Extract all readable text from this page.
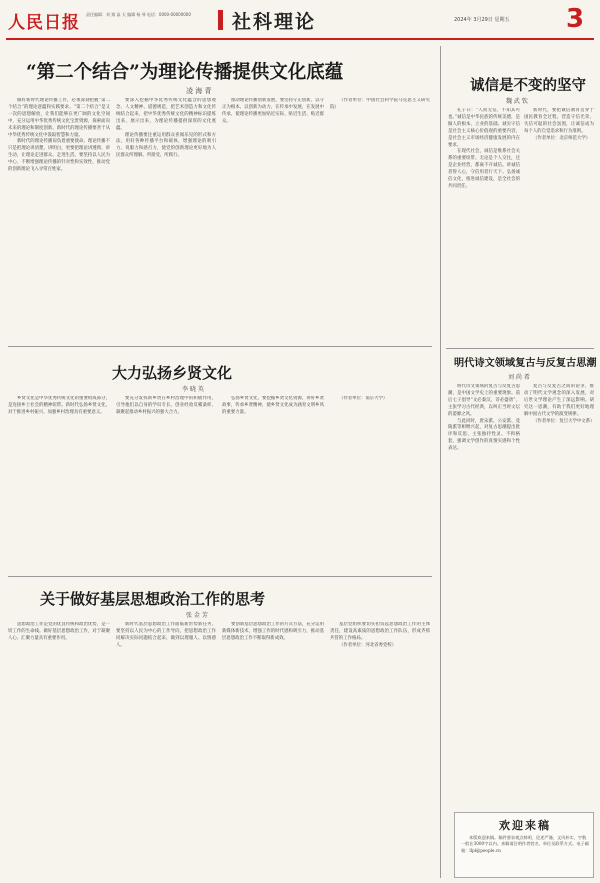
人民日报 责任编辑：刘 翔 高 天 编辑 杨 琴 电话：0000-00000000 社科理论	2024年 3月29日 星期五 3
“第二个结合”为理论传播提供文化底蕴
凌 海 青

做好新时代理论传播工作，必须深刻把握“第二个结合”的理论意蕴和实践要求。“第二个结合”是又一次的思想解放，让我们能够在更广阔的文化空间中，充分运用中华优秀传统文化宝贵资源，探索面向未来的理论和制度创新。新时代的理论传播要善于从中华优秀传统文化中汲取智慧和力量。

新时代的理论传播肩负着重要使命。理论传播不只是把理论讲清楚、讲明白，更要把理论讲透彻、讲生动，让理论走进群众、走进生活。要坚持以人民为中心，不断增强理论传播的针对性和实效性，推动党的创新理论飞入寻常百姓家。

要深入挖掘中华优秀传统文化蕴含的思想观念、人文精神、道德规范，把艺术创造力和文化传统结合起来，把中华优秀传统文化的精神标识提炼出来、展示出来，为理论传播提供深厚的文化底蕴。

理论传播要注重运用群众喜闻乐见的形式和方法，用好各种传播平台和载体，增强理论的吸引力、说服力和感召力，使党的创新理论更好地为人民群众所理解、所接受、所践行。

推动理论传播创新发展，要坚持守正创新，以守正为根本、以创新为动力，在传承中发展，在发展中传承，使理论传播更加贴近实际、贴近生活、贴近群众。

（作者单位：中国社会科学院马克思主义研究院）

大力弘扬乡贤文化
李 晓 英

乡贤文化是中华优秀传统文化的重要组成部分，是连接乡土社会的精神纽带。新时代弘扬乡贤文化，对于推进乡村振兴、加强乡村治理具有重要意义。

要充分发挥新乡贤在乡村治理中的积极作用，引导他们以自身的学识专长、创业经验反哺桑梓，凝聚起推动乡村振兴的强大合力。

弘扬乡贤文化，要挖掘乡贤文化资源，讲好乡贤故事，传承乡贤精神，使乡贤文化成为涵育文明乡风的重要力量。

（作者单位：南京大学）

关于做好基层思想政治工作的思考
张 金 芳

思想政治工作是党的优良传统和政治优势，是一切工作的生命线。做好基层思想政治工作，对于凝聚人心、汇聚力量具有重要作用。

新时代基层思想政治工作面临新形势新任务，要坚持以人民为中心的工作导向，把思想政治工作同解决实际问题结合起来，做到以理服人、以情感人。

要创新基层思想政治工作的方式方法，充分运用新媒体新技术，增强工作的时代感和吸引力，推动基层思想政治工作不断取得新成效。

基层党组织要切实担负起思想政治工作的主体责任，建设高素质的思想政治工作队伍，形成齐抓共管的工作格局。

（作者单位：河北省委党校）

诚信是不变的坚守
魏 武 钦

孔子曰：“人而无信，不知其可也。”诚信是中华民族的传统美德，是做人的根本、立业的基础。诚实守信是社会主义核心价值观的重要内容，是社会主义市场经济健康发展的内在要求。

在现代社会，诚信是维系社会关系的重要纽带。无论是个人交往，还是企业经营，都离不开诚信。讲诚信者得人心，守信用者行天下。弘扬诚信文化，推进诚信建设，是全社会的共同责任。

新时代，要把诚信教育贯穿于国民教育全过程，营造守信光荣、失信可耻的社会氛围，让诚信成为每个人的自觉追求和行为准则。

（作者单位：北京师范大学）

明代诗文领域复古与反复古思潮
刘 尚 希

明代诗文领域的复古与反复古思潮，是中国文学史上的重要现象。前后七子倡导“文必秦汉，诗必盛唐”，主张学习古代经典，以纠正当时文坛的萎靡之风。

与此同时，唐宋派、公安派、竟陵派等相继兴起，对复古思潮提出批评和反思，主张独抒性灵、不拘格套，强调文学创作的真情实感和个性表达。

复古与反复古之间的论争，推动了明代文学观念的深入发展，对后世文学理论产生了深远影响。研究这一思潮，有助于我们更好地理解中国古代文学的演变规律。

（作者单位：复旦大学中文系）

欢迎来稿

本版欢迎来稿。稿件要求观点鲜明、论述严谨、文风朴实，字数一般在3000字以内。来稿请注明作者姓名、单位及联系方式。电子邮箱：llpl@people.cn
